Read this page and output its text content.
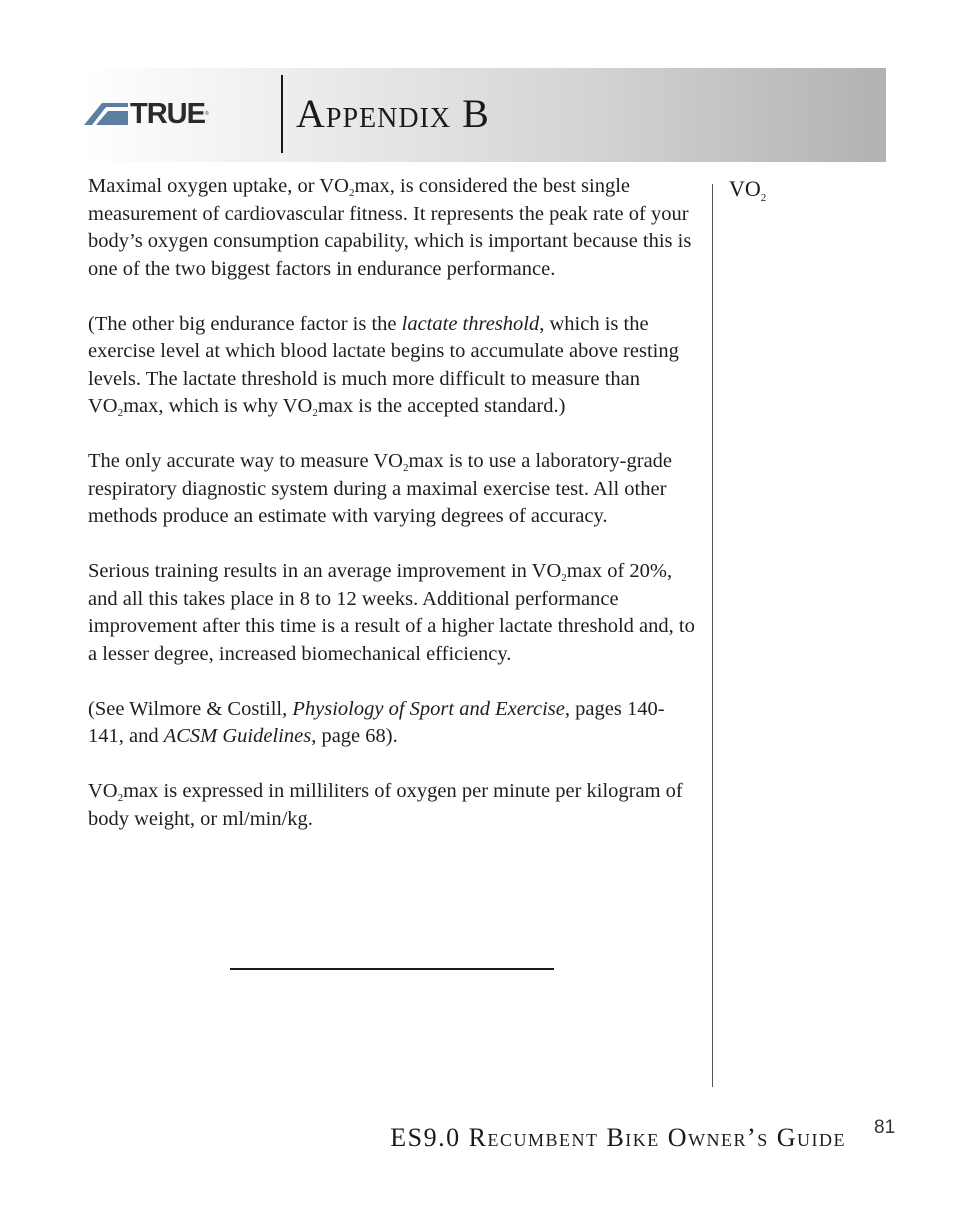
TRUE ® Appendix B

Maximal oxygen uptake, or $VO_2\max$, is considered the best single measurement of cardiovascular fitness. It represents the peak rate of your body’s oxygen consumption capability, which is important because this is one of the two biggest factors in endurance performance.

(The other big endurance factor is the lactate threshold, which is the exercise level at which blood lactate begins to accumulate above resting levels. The lactate threshold is much more difficult to measure than $VO_2\max$, which is why $VO_2\max$ is the accepted standard.)

The only accurate way to measure $VO_2\max$ is to use a laboratory-grade respiratory diagnostic system during a maximal exercise test. All other methods produce an estimate with varying degrees of accuracy.

Serious training results in an average improvement in $VO_2\max$ of 20%, and all this takes place in 8 to 12 weeks. Additional performance improvement after this time is a result of a higher lactate threshold and, to a lesser degree, increased biomechanical efficiency.

(See Wilmore & Costill, Physiology of Sport and Exercise, pages 140-141, and ACSM Guidelines, page 68).

$VO_2\max$ is expressed in milliliters of oxygen per minute per kilogram of body weight, or ml/min/kg.

$VO_2$
ES9.0 Recumbent Bike Owner’s Guide 81
